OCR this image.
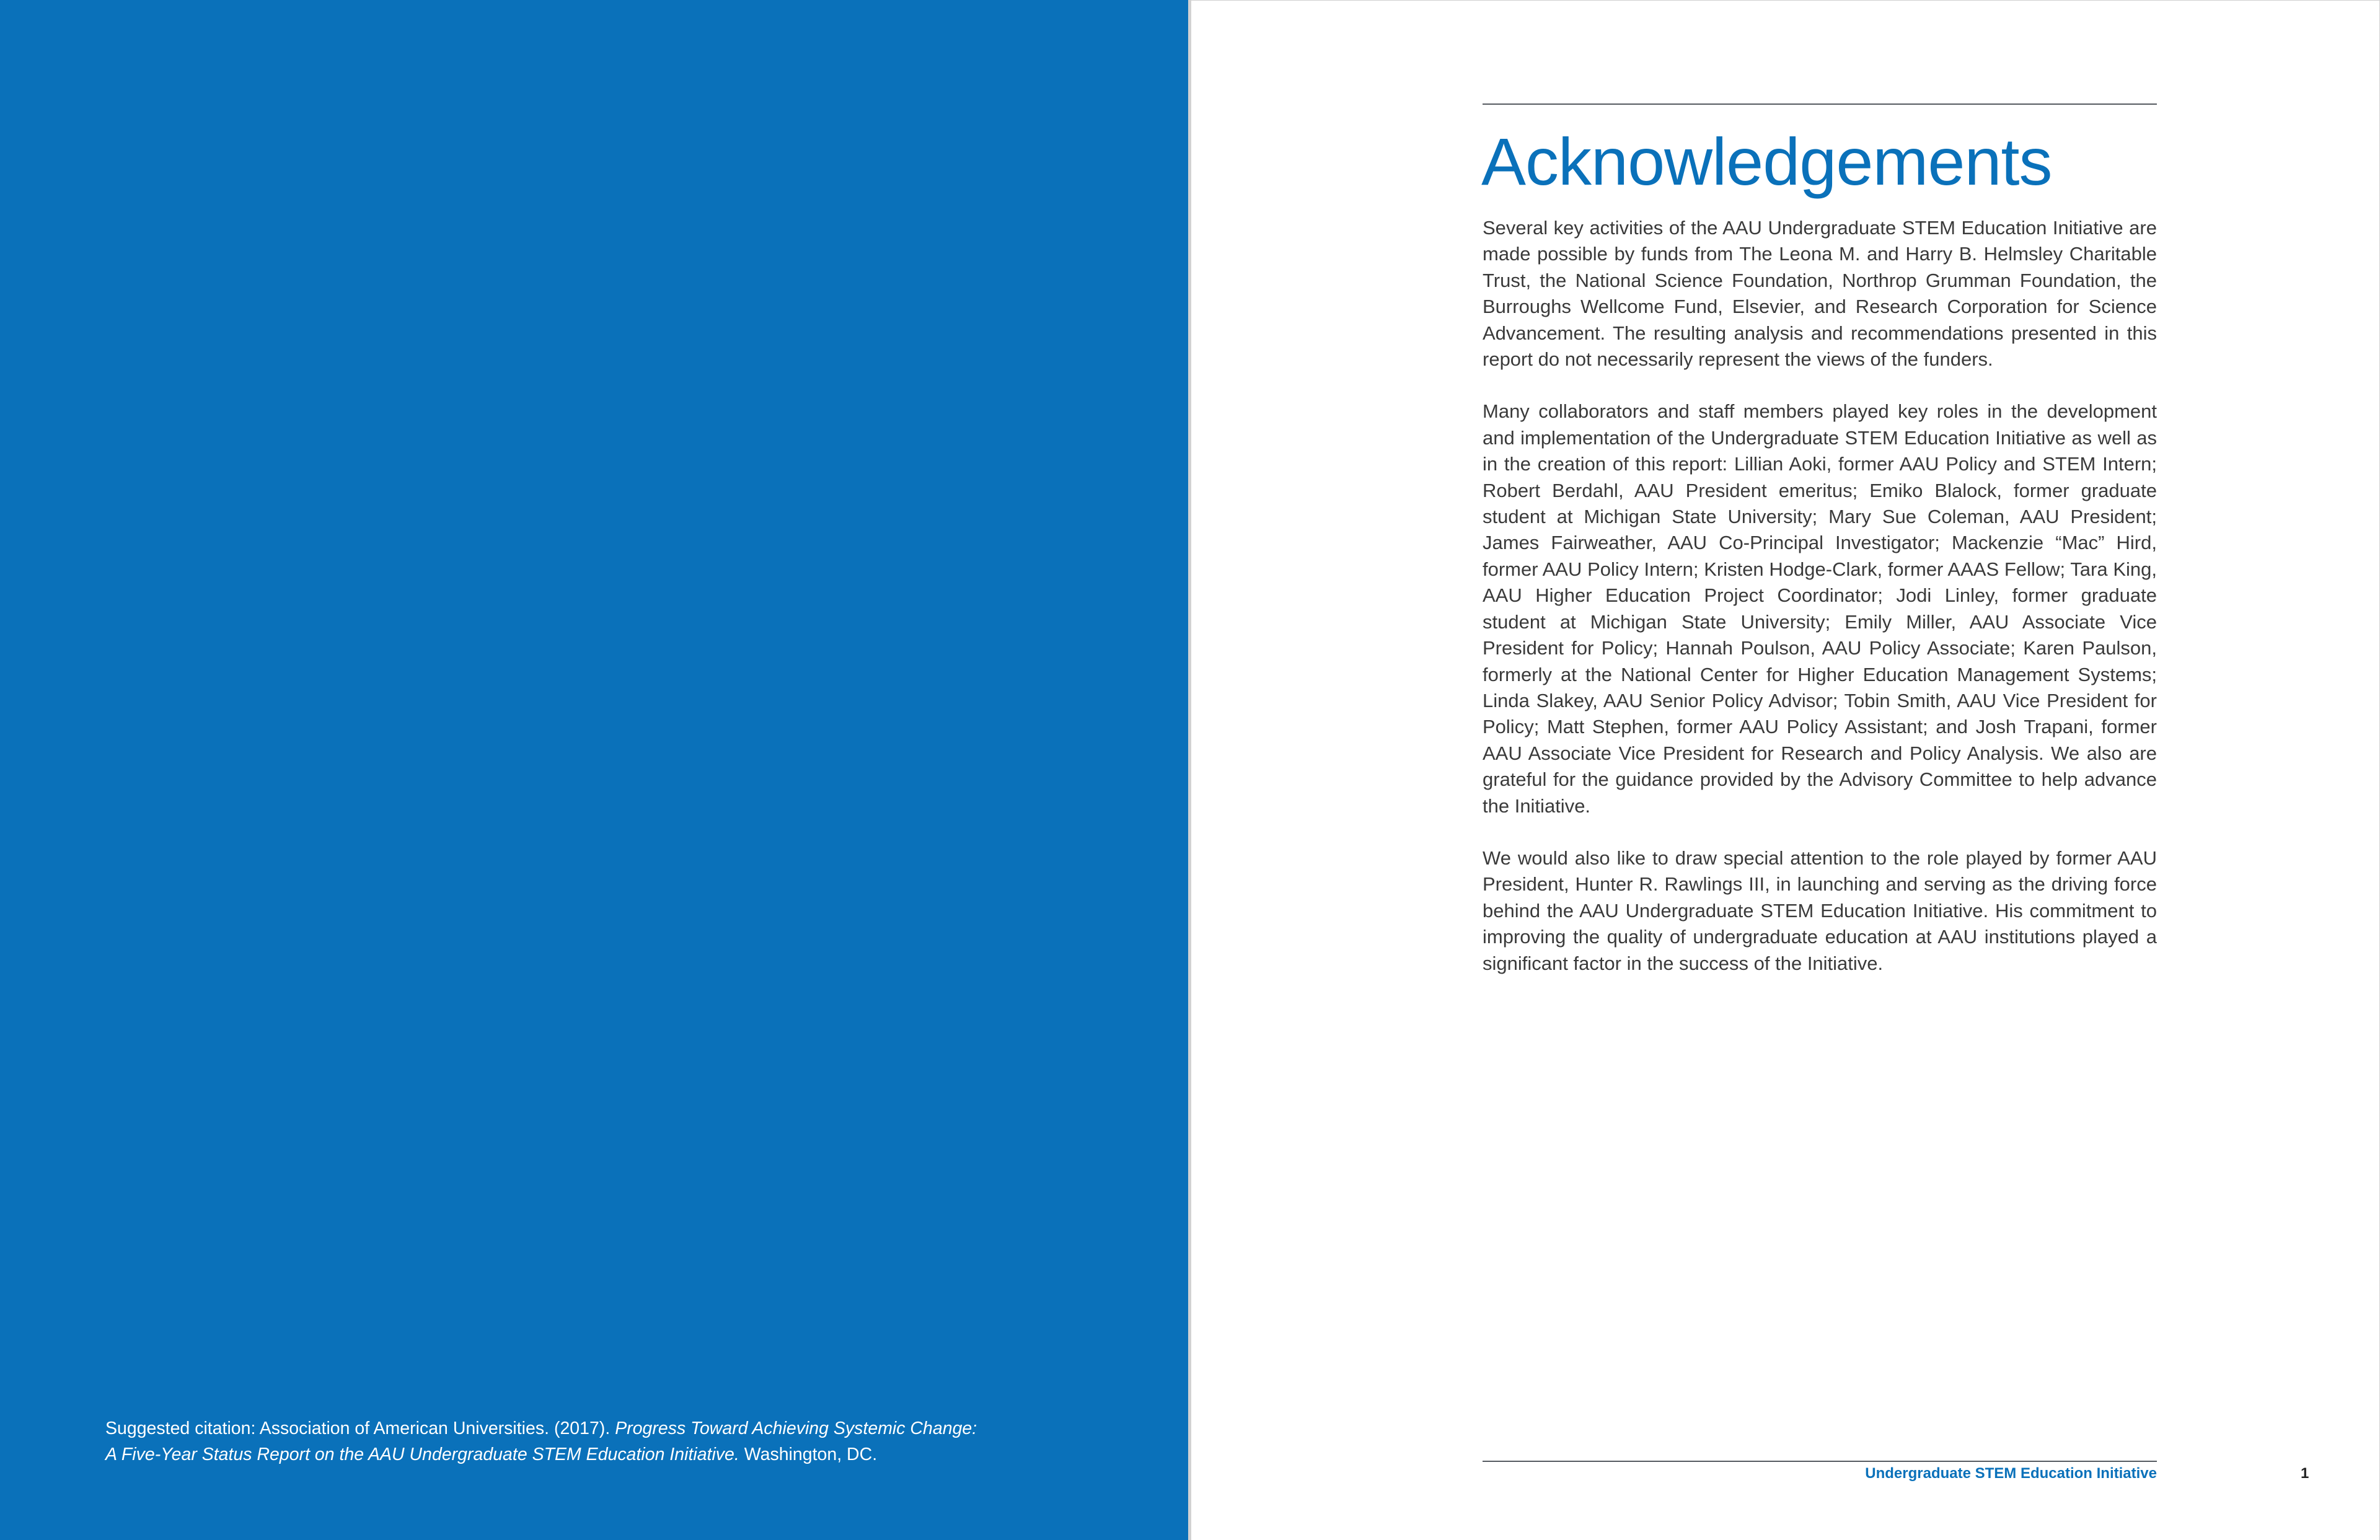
Suggested citation: Association of American Universities. (2017). Progress Toward Achieving Systemic Change:
A Five-Year Status Report on the AAU Undergraduate STEM Education Initiative. Washington, DC.

Acknowledgements

Several key activities of the AAU Undergraduate STEM Education Initiative are made possible by funds from The Leona M. and Harry B. Helmsley Charitable Trust, the National Science Foundation, Northrop Grumman Foundation, the Burroughs Wellcome Fund, Elsevier, and Research Corporation for Science Advancement. The resulting analysis and recommendations presented in this report do not necessarily represent the views of the funders.

Many collaborators and staff members played key roles in the development and implementation of the Undergraduate STEM Education Initiative as well as in the creation of this report: Lillian Aoki, former AAU Policy and STEM Intern; Robert Berdahl, AAU President emeritus; Emiko Blalock, former graduate student at Michigan State University; Mary Sue Coleman, AAU President; James Fairweather, AAU Co-Principal Investigator; Mackenzie “Mac” Hird, former AAU Policy Intern; Kristen Hodge-Clark, former AAAS Fellow; Tara King, AAU Higher Education Project Coordinator; Jodi Linley, former graduate student at Michigan State University; Emily Miller, AAU Associate Vice President for Policy; Hannah Poulson, AAU Policy Associate; Karen Paulson, formerly at the National Center for Higher Education Management Systems; Linda Slakey, AAU Senior Policy Advisor; Tobin Smith, AAU Vice President for Policy; Matt Stephen, former AAU Policy Assistant; and Josh Trapani, former AAU Associate Vice President for Research and Policy Analysis. We also are grateful for the guidance provided by the Advisory Committee to help advance the Initiative.

We would also like to draw special attention to the role played by former AAU President, Hunter R. Rawlings III, in launching and serving as the driving force behind the AAU Undergraduate STEM Education Initiative. His commitment to improving the quality of undergraduate education at AAU institutions played a significant factor in the success of the Initiative.

Undergraduate STEM Education Initiative	1
